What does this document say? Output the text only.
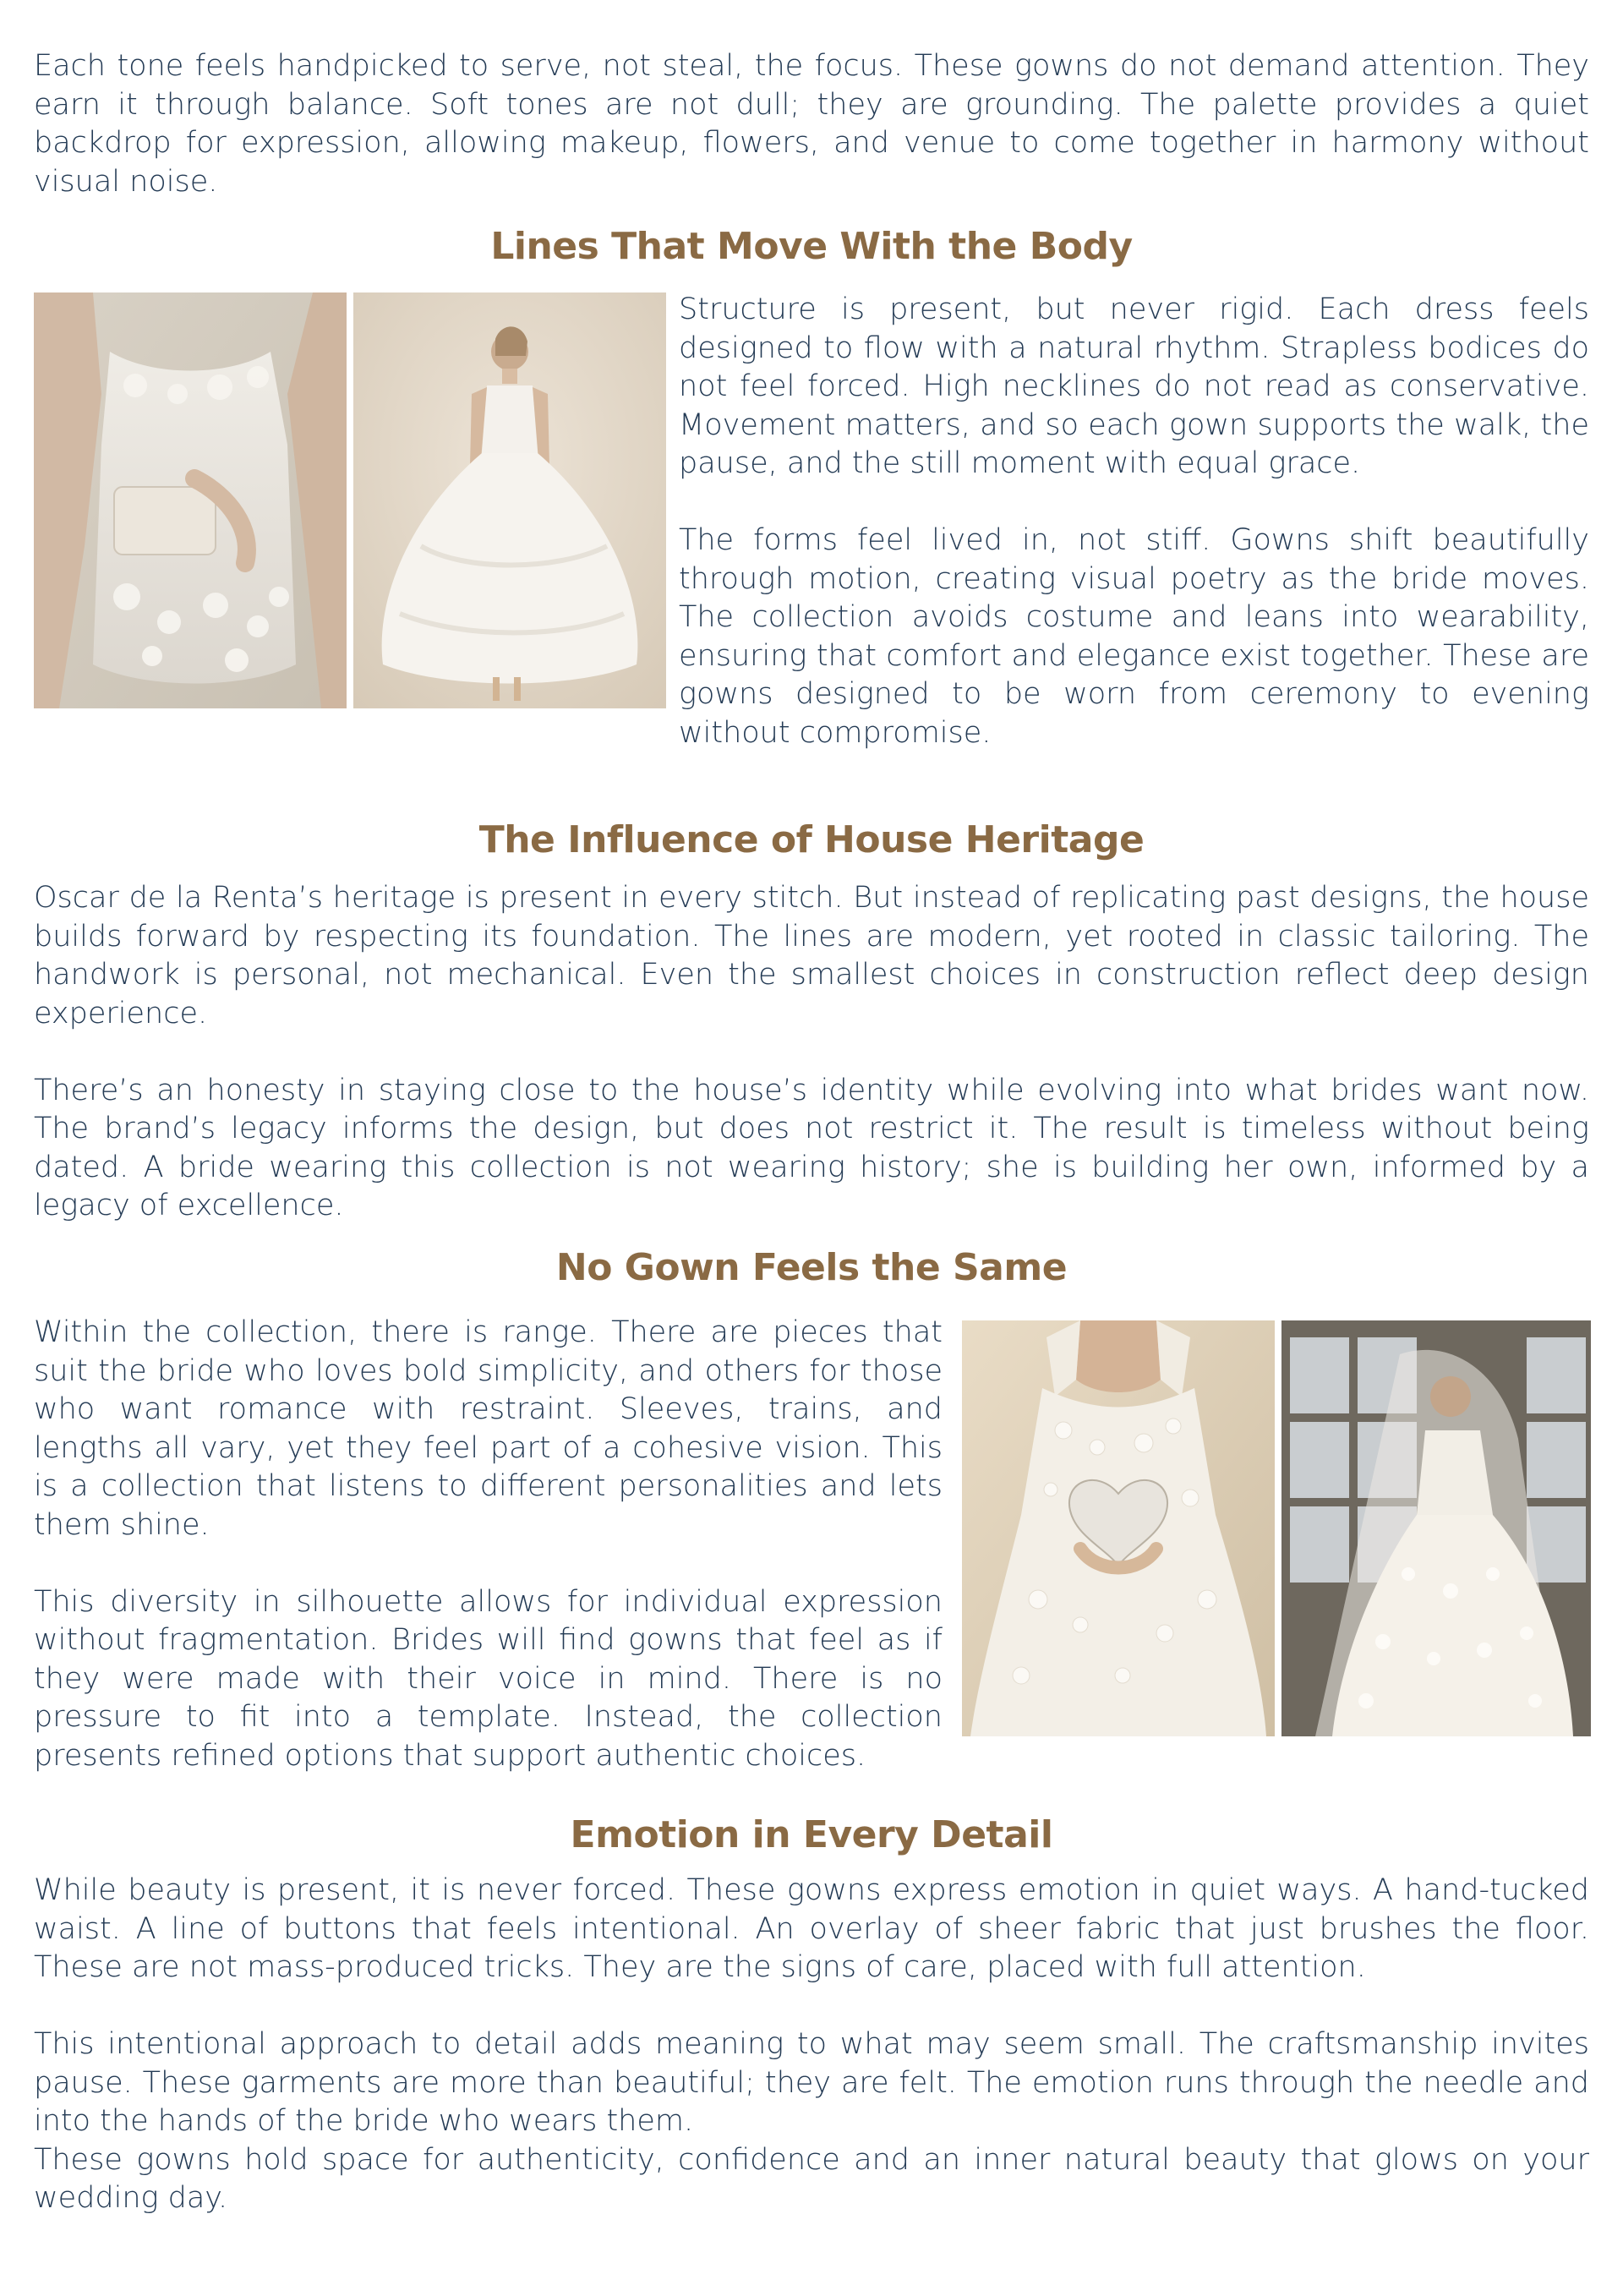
Each tone feels handpicked to serve, not steal, the focus. These gowns do not demand attention. They earn it through balance. Soft tones are not dull; they are grounding. The palette provides a quiet backdrop for expression, allowing makeup, flowers, and venue to come together in harmony without visual noise.

Lines That Move With the Body

Structure is present, but never rigid. Each dress feels designed to flow with a natural rhythm. Strapless bodices do not feel forced. High necklines do not read as conservative. Movement matters, and so each gown supports the walk, the pause, and the still moment with equal grace.

The forms feel lived in, not stiff. Gowns shift beautifully through motion, creating visual poetry as the bride moves. The collection avoids costume and leans into wearability, ensuring that comfort and elegance exist together. These are gowns designed to be worn from ceremony to evening without compromise.

The Influence of House Heritage

Oscar de la Renta’s heritage is present in every stitch. But instead of replicating past designs, the house builds forward by respecting its foundation. The lines are modern, yet rooted in classic tailoring. The handwork is personal, not mechanical. Even the smallest choices in construction reflect deep design experience.

There’s an honesty in staying close to the house’s identity while evolving into what brides want now. The brand’s legacy informs the design, but does not restrict it. The result is timeless without being dated. A bride wearing this collection is not wearing history; she is building her own, informed by a legacy of excellence.

No Gown Feels the Same

Within the collection, there is range. There are pieces that suit the bride who loves bold simplicity, and others for those who want romance with restraint. Sleeves, trains, and lengths all vary, yet they feel part of a cohesive vision. This is a collection that listens to different personalities and lets them shine.

This diversity in silhouette allows for individual expression without fragmentation. Brides will find gowns that feel as if they were made with their voice in mind. There is no pressure to fit into a template. Instead, the collection presents refined options that support authentic choices.

Emotion in Every Detail

While beauty is present, it is never forced. These gowns express emotion in quiet ways. A hand-tucked waist. A line of buttons that feels intentional. An overlay of sheer fabric that just brushes the floor. These are not mass-produced tricks. They are the signs of care, placed with full attention.

This intentional approach to detail adds meaning to what may seem small. The craftsmanship invites pause. These garments are more than beautiful; they are felt. The emotion runs through the needle and into the hands of the bride who wears them.

These gowns hold space for authenticity, confidence and an inner natural beauty that glows on your wedding day.
